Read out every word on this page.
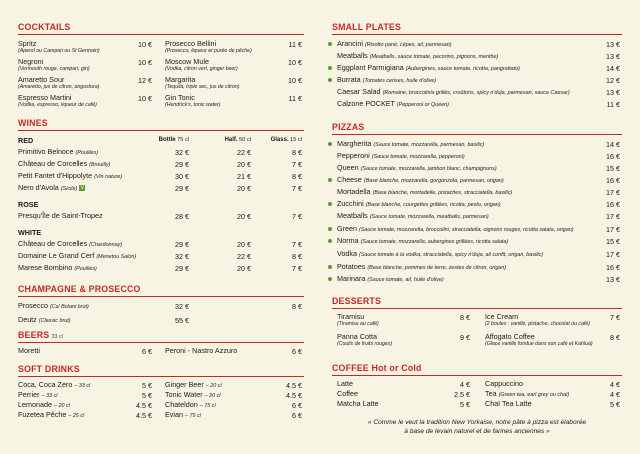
COCKTAILS
Spritz
(Aperol ou Campari ou St Germain)
10 €
Negroni
(Vermouth rouge, campari, gin)
10 €
Amaretto Sour
(Amaretto, jus de citron, angostura)
12 €
Espresso Martini
(Vodka, espresso, liqueur de café)
10 €
Prosecco Bellini
(Prosecco, liqueur et purée de pêche)
11 €
Moscow Mule
(Vodka, citron vert, ginger beer)
10 €
Margarita
(Tequila, triple sec, jus de citron)
10 €
Gin Tonic
(Hendrick's, tonic water)
11 €
WINES
RED	Bottle 75 cl	Half. 50 cl	Glass. 15 cl
Primitivo Belnoce (Pouilles)	32 €	22 €	8 €
Château de Corcelles (Brouilly)	29 €	20 €	7 €
Petit Fantet d'Hippolyte (Vin nature)	30 €	21 €	8 €
Nero d'Avola (Sicile) V	29 €	20 €	7 €
ROSE
Presqu'Île de Saint-Tropez	28 €	20 €	7 €
WHITE
Château de Corcelles (Chardonnay)	29 €	20 €	7 €
Domaine Le Grand Cerf (Menetou Salon)	32 €	22 €	8 €
Marese Bombino (Pouilles)	29 €	20 €	7 €
CHAMPAGNE & PROSECCO
Prosecco (Ca' Bolani brut)	32 €	8 €
Deutz (Classic brut)	55 €
BEERS 33 cl
Moretti	6 € Peroni - Nastro Azzuro	6 €
SOFT DRINKS
Coca, Coca Zero – 33 cl	5 €
Perrier – 33 cl	5 €
Lemonade – 20 cl	4.5 €
Fuzetea Pêche – 25 cl	4.5 €
Ginger Beer – 20 cl	4.5 €
Tonic Water – 20 cl	4.5 €
Chateldon – 75 cl	6 €
Evian – 75 cl	6 €
SMALL PLATES
Arancini (Risotto pané, cèpes, ail, parmesan)	13 €
Meatballs (Meatballs, sauce tomate, pecorino, pignons, menthe)	13 €
Eggplant Parmigiana (Aubergines, sauce tomate, ricotta, pangrattato)	14 €
Burrata (Tomates cerises, huile d'olive)	12 €
Caesar Salad (Romaine, broccolinis grillés, croûtons, spicy n'duja, parmesan, sauce Caesar)	13 €
Calzone POCKET (Pepperoni or Queen)	11 €
PIZZAS
Margherita (Sauce tomate, mozzarella, parmesan, basilic)	14 €
Pepperoni (Sauce tomate, mozzarella, pepperoni)	16 €
Queen (Sauce tomate, mozzarella, jambon blanc, champignons)	15 €
Cheese (Base blanche, mozzarella, gorgonzola, parmesan, origan)	16 €
Mortadella (Base blanche, mortadelle, pistaches, stracciatella, basilic)	17 €
Zucchini (Base blanche, courgettes grillées, ricotta, pesto, origan)	16 €
Meatballs (Sauce tomate, mozzarella, meatballs, parmesan)	17 €
Green (Sauce tomate, mozzarella, broccolini, stracciatella, oignons rouges, ricotta salata, origan)	17 €
Norma (Sauce tomate, mozzarella, aubergines grillées, ricotta salata)	15 €
Vodka (Sauce tomate à la vodka, stracciatella, spicy n'duja, ail confit, origan, basilic)	17 €
Potatoes (Base blanche, pommes de terre, zestes de citron, origan)	16 €
Marinara (Sauce tomate, ail, huile d'olive)	13 €
DESSERTS
Tiramisu
(Tiramisu au café)
8 €
Panna Cotta
(Coulis de fruits rouges)
9 €
Ice Cream
(2 boules : vanille, pistache, chocolat ou café)
7 €
Affogato Coffee
(Glace vanille fondue dans son café et Kahlua)
8 €
COFFEE Hot or Cold
Latte	4 €
Coffee	2.5 €
Matcha Latte	5 €
Cappuccino	4 €
Tea (Green tea, earl grey ou chaï)	4 €
Chaï Tea Latte	5 €
« Comme le veut la tradition New Yorkaise, notre pâte à pizza est élaborée
à base de levain naturel et de farines anciennes »
